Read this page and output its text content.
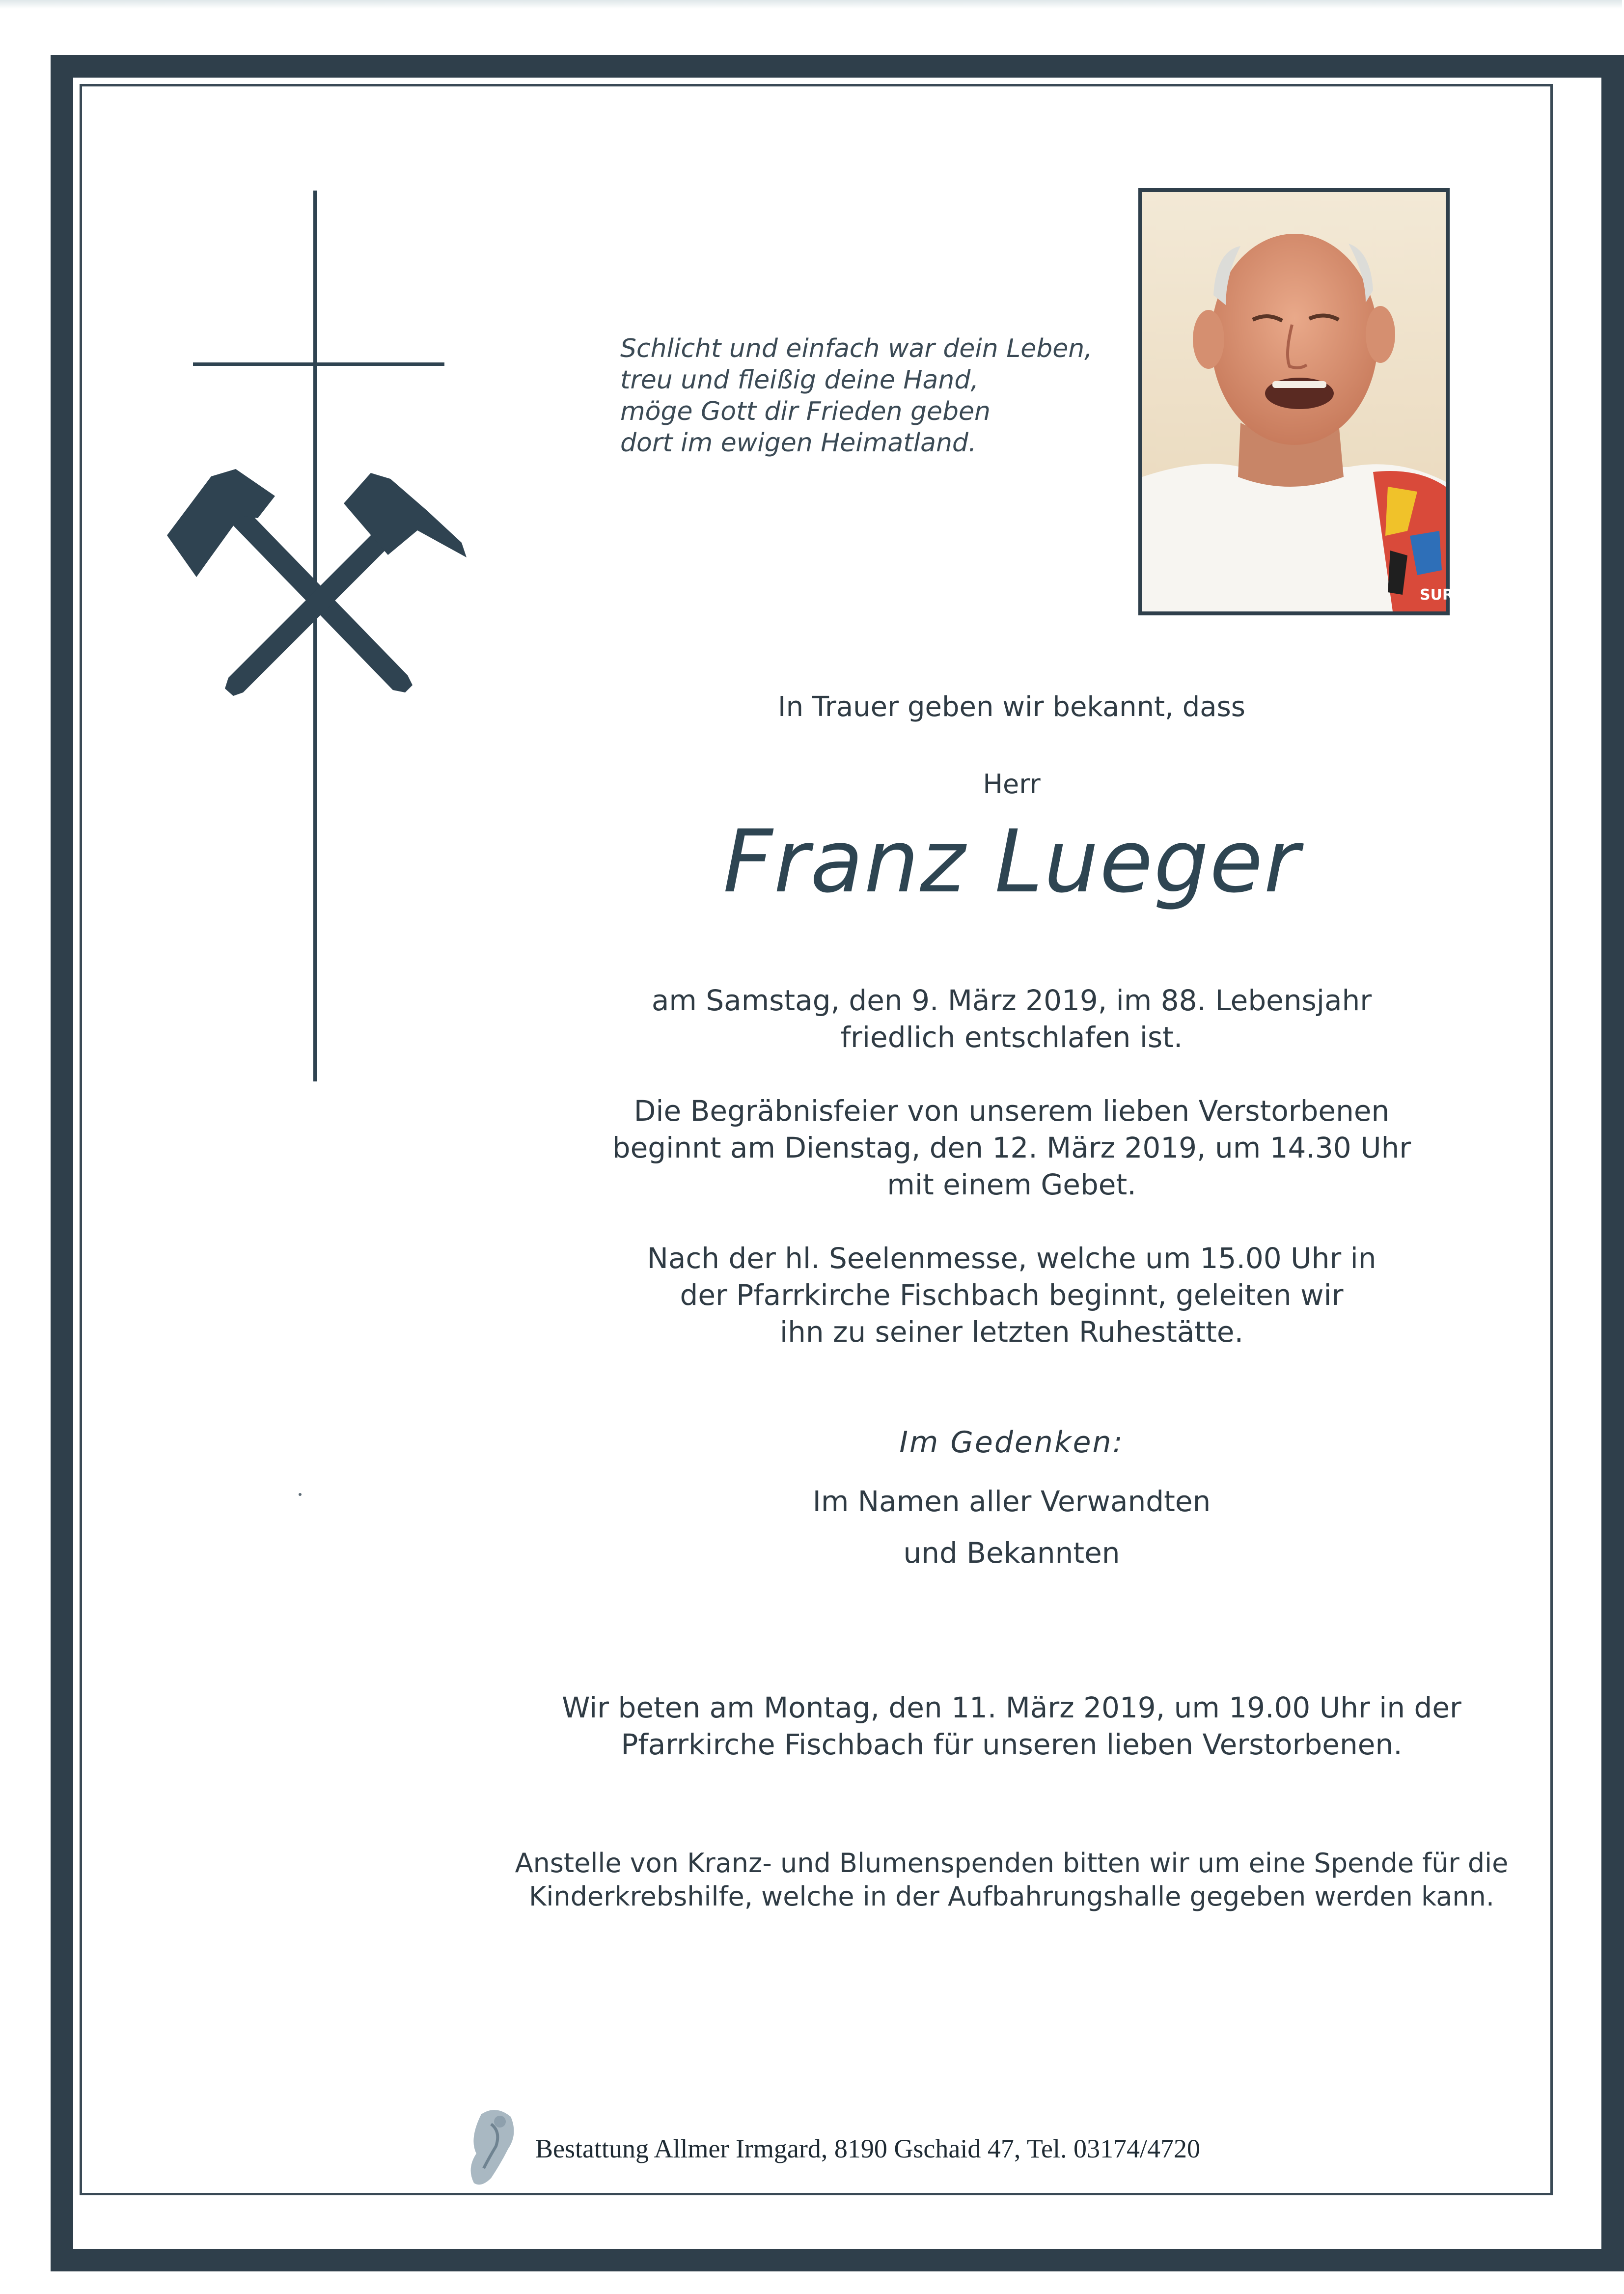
Schlicht und einfach war dein Leben,
treu und fleißig deine Hand,
möge Gott dir Frieden geben
dort im ewigen Heimatland.
SUR
In Trauer geben wir bekannt, dass
Herr
Franz Lueger
am Samstag, den 9. März 2019, im 88. Lebensjahr
friedlich entschlafen ist.
Die Begräbnisfeier von unserem lieben Verstorbenen
beginnt am Dienstag, den 12. März 2019, um 14.30 Uhr
mit einem Gebet.
Nach der hl. Seelenmesse, welche um 15.00 Uhr in
der Pfarrkirche Fischbach beginnt, geleiten wir
ihn zu seiner letzten Ruhestätte.
Im Gedenken:
Im Namen aller Verwandten
und Bekannten
Wir beten am Montag, den 11. März 2019, um 19.00 Uhr in der
Pfarrkirche Fischbach für unseren lieben Verstorbenen.
Anstelle von Kranz- und Blumenspenden bitten wir um eine Spende für die
Kinderkrebshilfe, welche in der Aufbahrungshalle gegeben werden kann.
Bestattung Allmer Irmgard, 8190 Gschaid 47, Tel. 03174/4720
